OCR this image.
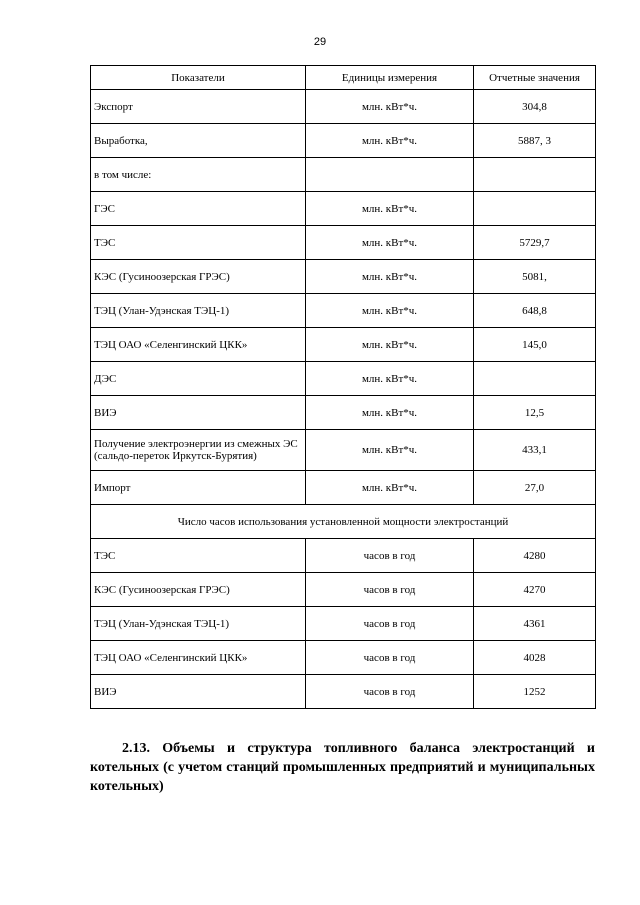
29
Показатели	Единицы измерения	Отчетные значения
Экспорт	млн. кВт*ч.	304,8
Выработка,	млн. кВт*ч.	5887, 3
в том числе:		
ГЭС	млн. кВт*ч.	
ТЭС	млн. кВт*ч.	5729,7
КЭС (Гусиноозерская ГРЭС)	млн. кВт*ч.	5081,
ТЭЦ (Улан-Удэнская ТЭЦ-1)	млн. кВт*ч.	648,8
ТЭЦ ОАО «Селенгинский ЦКК»	млн. кВт*ч.	145,0
ДЭС	млн. кВт*ч.	
ВИЭ	млн. кВт*ч.	12,5
Получение электроэнергии из смежных ЭС (сальдо-переток Иркутск-Бурятия)	млн. кВт*ч.	433,1
Импорт	млн. кВт*ч.	27,0
Число часов использования установленной мощности электростанций		
ТЭС	часов в год	4280
КЭС (Гусиноозерская ГРЭС)	часов в год	4270
ТЭЦ (Улан-Удэнская ТЭЦ-1)	часов в год	4361
ТЭЦ ОАО «Селенгинский ЦКК»	часов в год	4028
ВИЭ	часов в год	1252
2.13. Объемы и структура топливного баланса электростанций и котельных (с учетом станций промышленных предприятий и муниципальных котельных)
